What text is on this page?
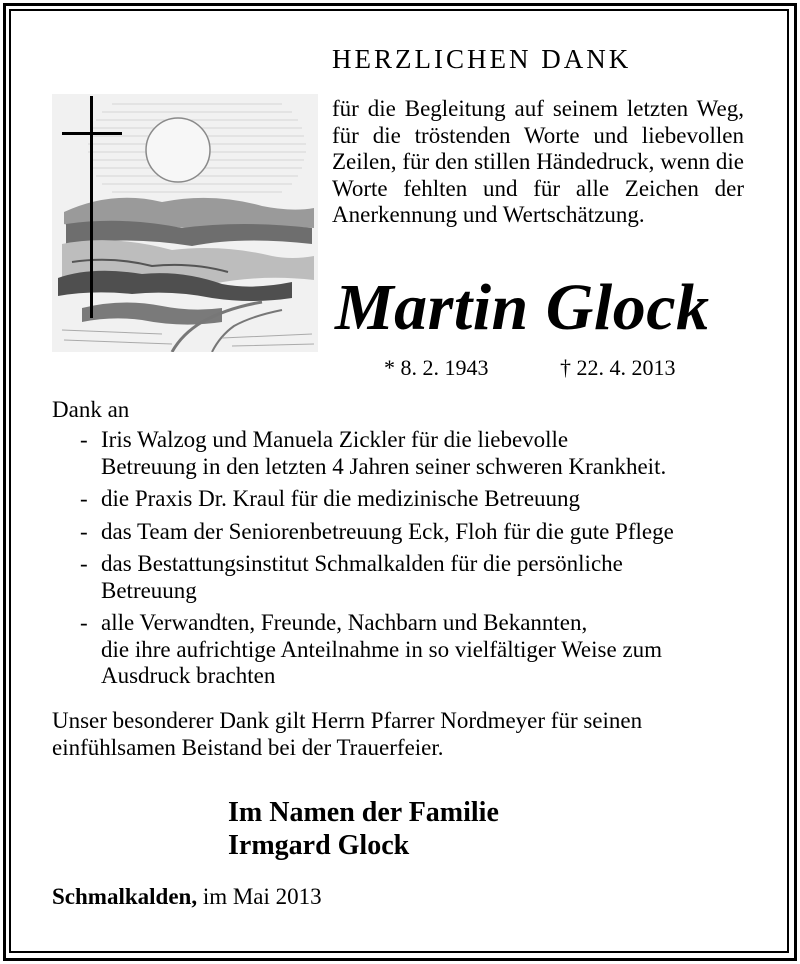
HERZLICHEN DANK
für die Begleitung auf seinem letzten Weg, für die tröstenden Worte und liebevollen Zeilen, für den stillen Händedruck, wenn die Worte fehlten und für alle Zeichen der Anerkennung und Wertschätzung.
Martin Glock
* 8. 2. 1943	† 22. 4. 2013
Dank an
- Iris Walzog und Manuela Zickler für die liebevolle
Betreuung in den letzten 4 Jahren seiner schweren Krankheit.
- die Praxis Dr. Kraul für die medizinische Betreuung
- das Team der Seniorenbetreuung Eck, Floh für die gute Pflege
- das Bestattungsinstitut Schmalkalden für die persönliche
Betreuung
- alle Verwandten, Freunde, Nachbarn und Bekannten,
die ihre aufrichtige Anteilnahme in so vielfältiger Weise zum
Ausdruck brachten
Unser besonderer Dank gilt Herrn Pfarrer Nordmeyer für seinen einfühlsamen Beistand bei der Trauerfeier.
Im Namen der Familie
Irmgard Glock
Schmalkalden, im Mai 2013
